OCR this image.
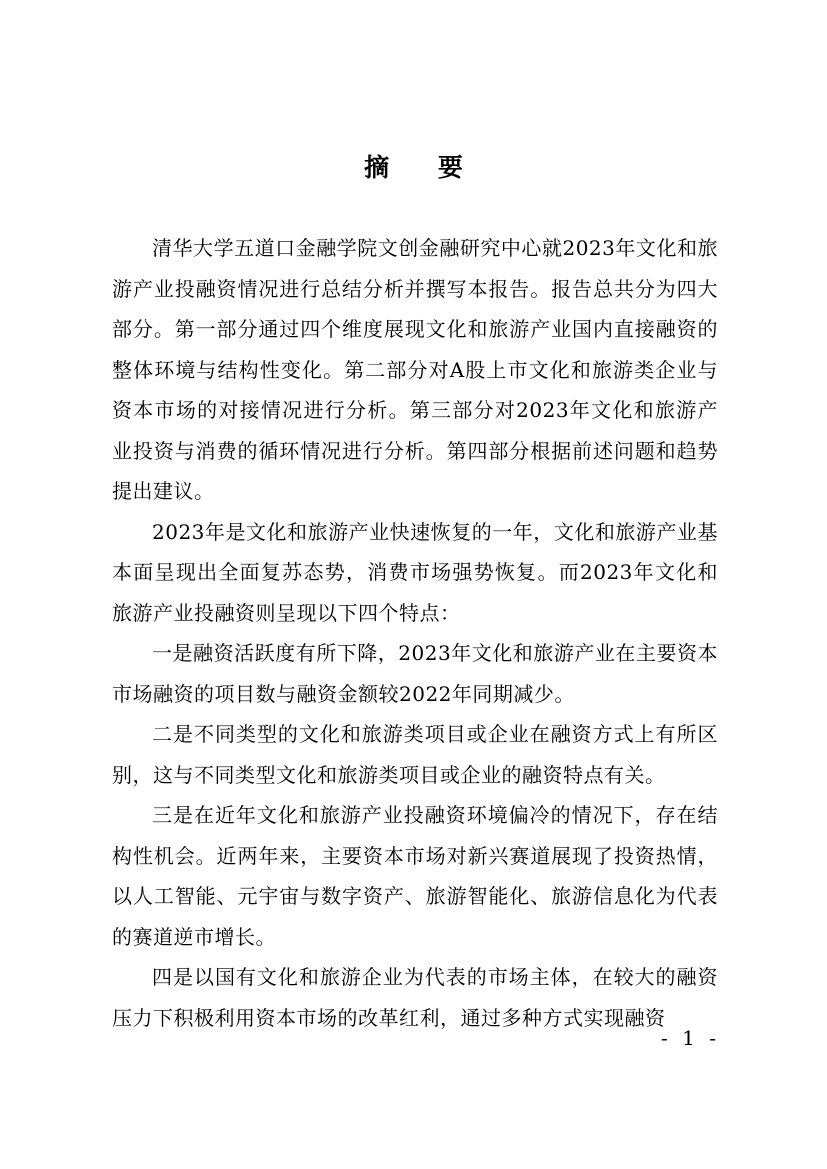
摘 要

清华大学五道口金融学院文创金融研究中心就2023年文化和旅游产业投融资情况进行总结分析并撰写本报告。报告总共分为四大部分。第一部分通过四个维度展现文化和旅游产业国内直接融资的整体环境与结构性变化。第二部分对A股上市文化和旅游类企业与资本市场的对接情况进行分析。第三部分对2023年文化和旅游产业投资与消费的循环情况进行分析。第四部分根据前述问题和趋势提出建议。

2023年是文化和旅游产业快速恢复的一年，文化和旅游产业基本面呈现出全面复苏态势，消费市场强势恢复。而2023年文化和旅游产业投融资则呈现以下四个特点：

一是融资活跃度有所下降，2023年文化和旅游产业在主要资本市场融资的项目数与融资金额较2022年同期减少。

二是不同类型的文化和旅游类项目或企业在融资方式上有所区别，这与不同类型文化和旅游类项目或企业的融资特点有关。

三是在近年文化和旅游产业投融资环境偏冷的情况下，存在结构性机会。近两年来，主要资本市场对新兴赛道展现了投资热情，以人工智能、元宇宙与数字资产、旅游智能化、旅游信息化为代表的赛道逆市增长。

四是以国有文化和旅游企业为代表的市场主体，在较大的融资压力下积极利用资本市场的改革红利，通过多种方式实现融资

- 1 -
